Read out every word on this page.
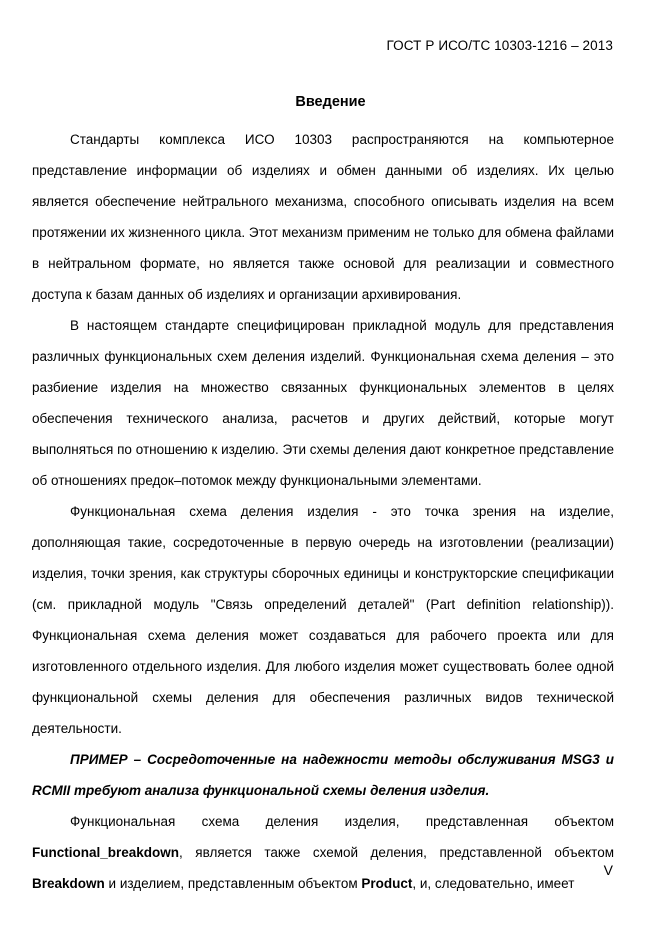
ГОСТ Р ИСО/ТС 10303-1216 – 2013
Введение

Стандарты комплекса ИСО 10303 распространяются на компьютерное представление информации об изделиях и обмен данными об изделиях. Их целью является обеспечение нейтрального механизма, способного описывать изделия на всем протяжении их жизненного цикла. Этот механизм применим не только для обмена файлами в нейтральном формате, но является также основой для реализации и совместного доступа к базам данных об изделиях и организации архивирования.

В настоящем стандарте специфицирован прикладной модуль для представления различных функциональных схем деления изделий. Функциональная схема деления – это разбиение изделия на множество связанных функциональных элементов в целях обеспечения технического анализа, расчетов и других действий, которые могут выполняться по отношению к изделию. Эти схемы деления дают конкретное представление об отношениях предок–потомок между функциональными элементами.

Функциональная схема деления изделия - это точка зрения на изделие, дополняющая такие, сосредоточенные в первую очередь на изготовлении (реализации) изделия, точки зрения, как структуры сборочных единицы и конструкторские спецификации (см. прикладной модуль "Связь определений деталей" (Part definition relationship)). Функциональная схема деления может создаваться для рабочего проекта или для изготовленного отдельного изделия. Для любого изделия может существовать более одной функциональной схемы деления для обеспечения различных видов технической деятельности.

ПРИМЕР – Сосредоточенные на надежности методы обслуживания MSG3 и RCMII требуют анализа функциональной схемы деления изделия.

Функциональная схема деления изделия, представленная объектом Functional_breakdown, является также схемой деления, представленной объектом Breakdown и изделием, представленным объектом Product, и, следовательно, имеет

V
